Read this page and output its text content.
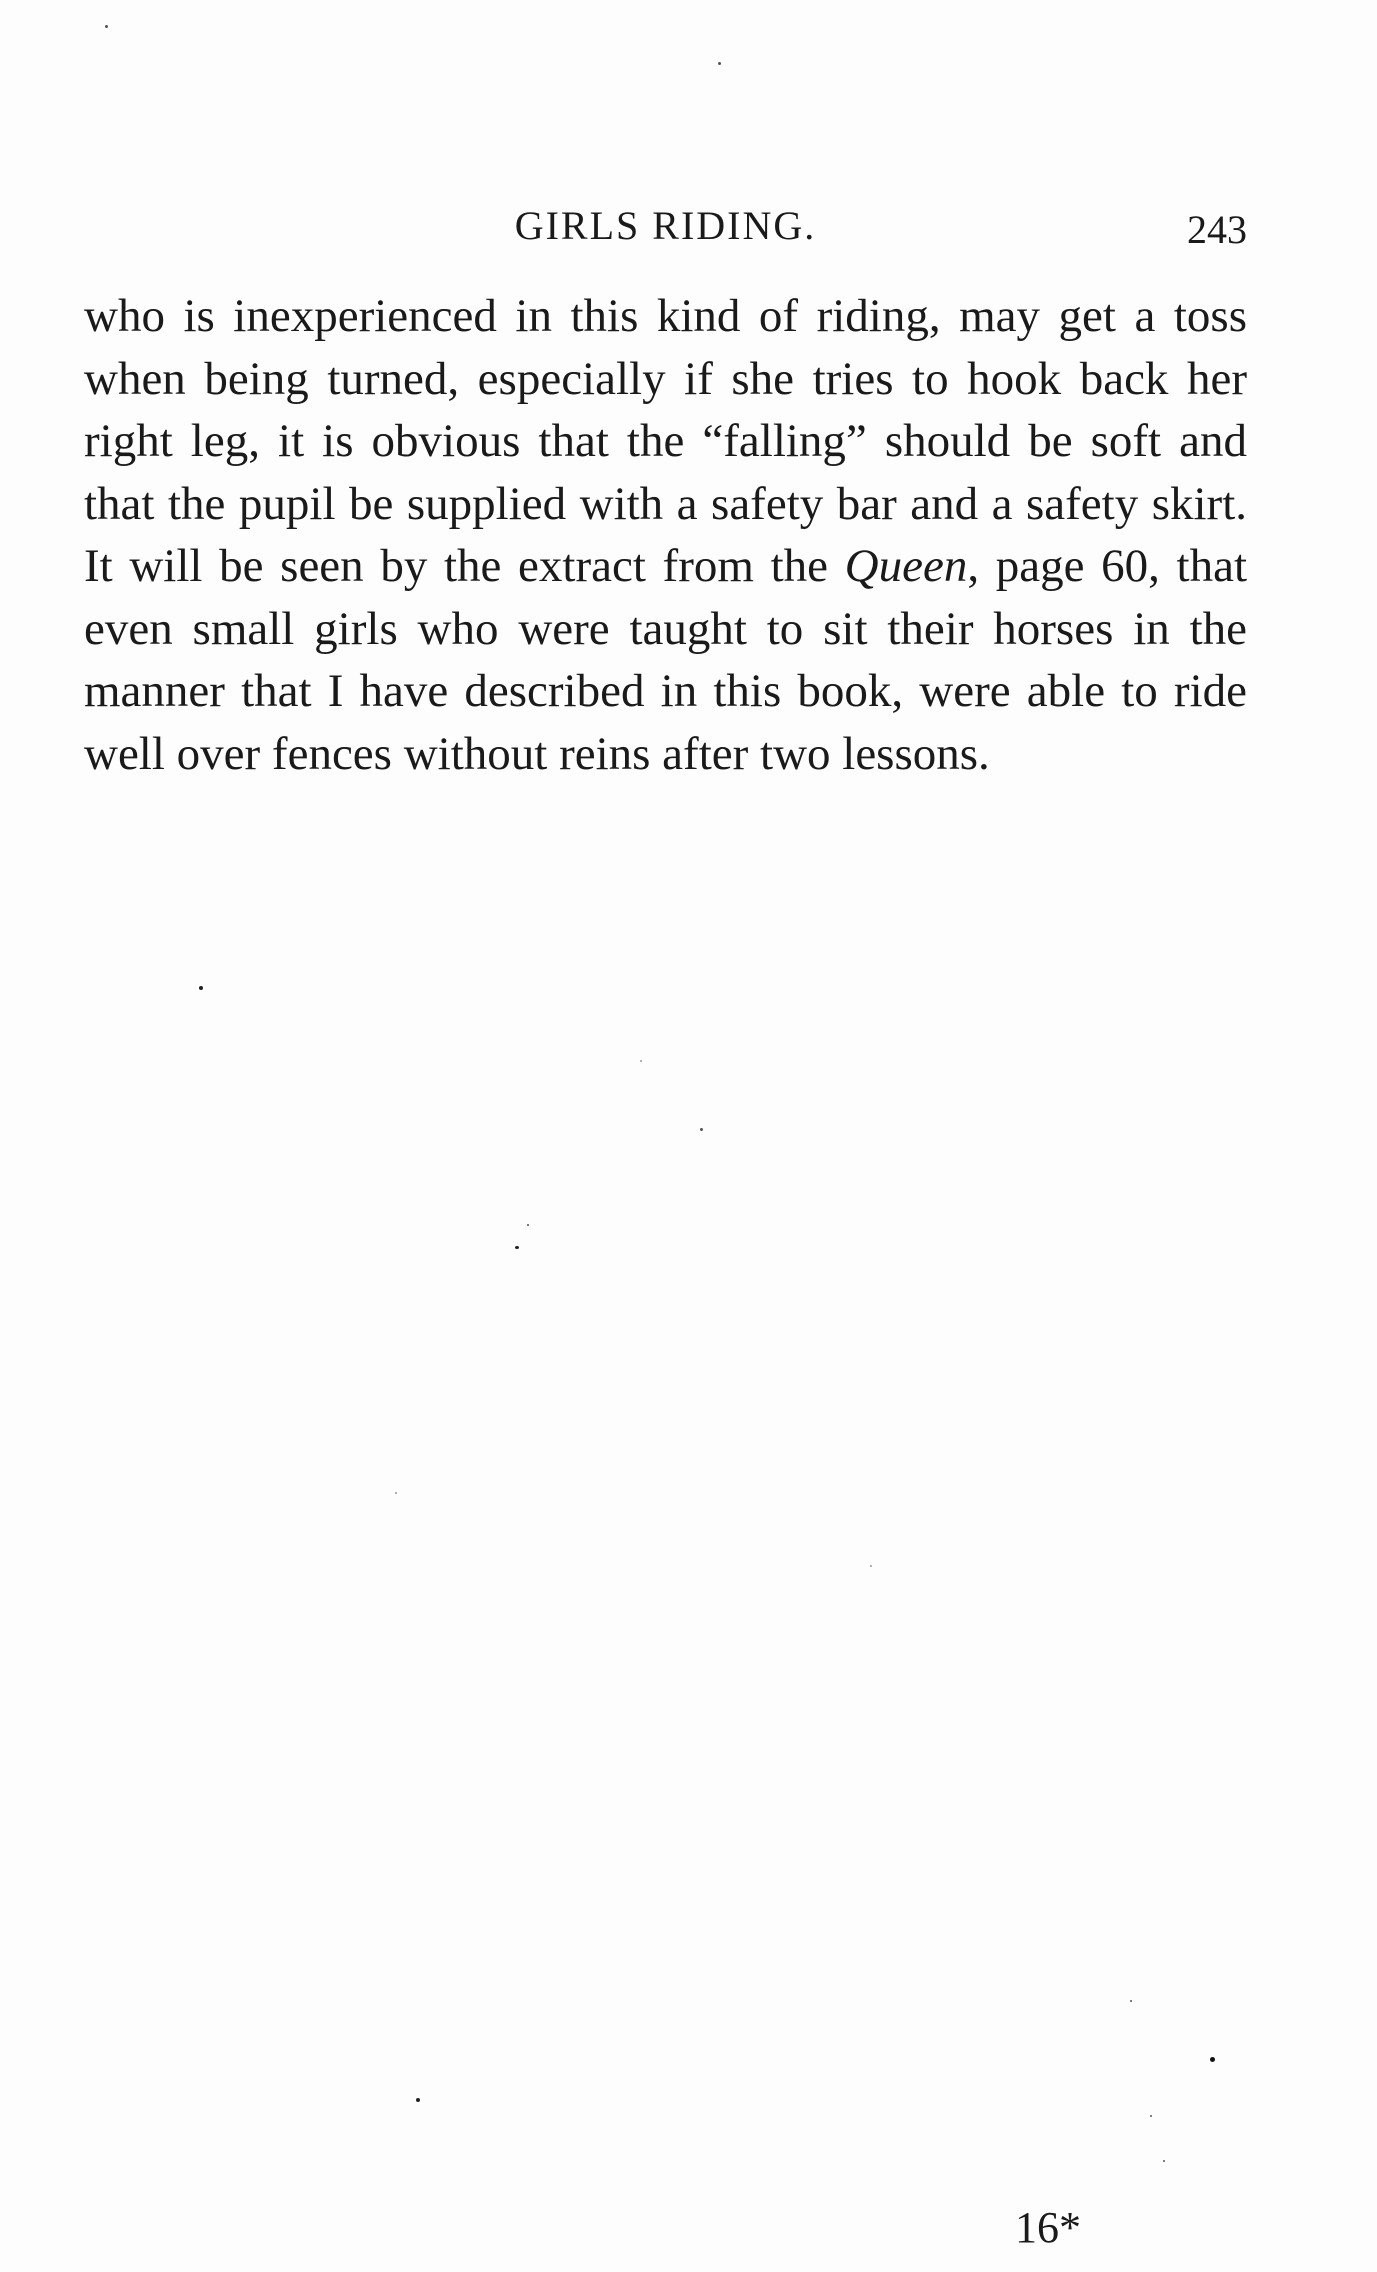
GIRLS RIDING.	243

who is inexperienced in this kind of riding, may get a toss when being turned, especially if she tries to hook back her right leg, it is obvious that the “falling” should be soft and that the pupil be supplied with a safety bar and a safety skirt. It will be seen by the extract from the Queen, page 60, that even small girls who were taught to sit their horses in the manner that I have described in this book, were able to ride well over fences without reins after two lessons.

16*
